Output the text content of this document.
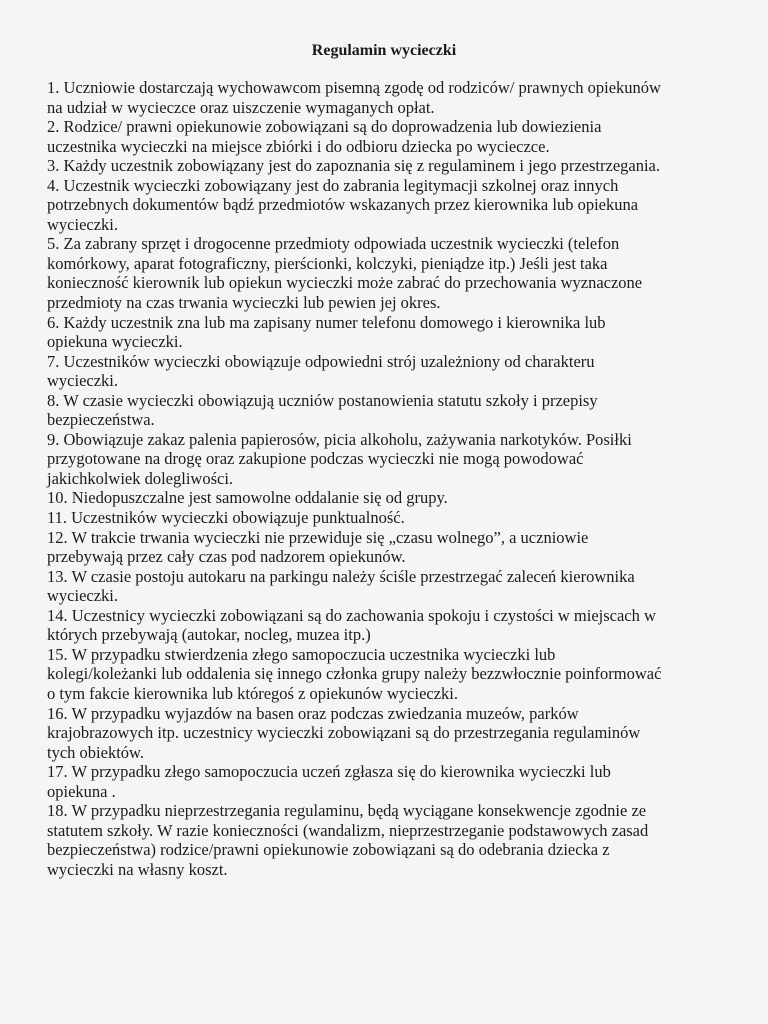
Regulamin wycieczki
1. Uczniowie dostarczają wychowawcom pisemną zgodę od rodziców/ prawnych opiekunów
na udział w wycieczce oraz uiszczenie wymaganych opłat.
2. Rodzice/ prawni opiekunowie zobowiązani są do doprowadzenia lub dowiezienia
uczestnika wycieczki na miejsce zbiórki i do odbioru dziecka po wycieczce.
3. Każdy uczestnik zobowiązany jest do zapoznania się z regulaminem i jego przestrzegania.
4. Uczestnik wycieczki zobowiązany jest do zabrania legitymacji szkolnej oraz innych
potrzebnych dokumentów bądź przedmiotów wskazanych przez kierownika lub opiekuna
wycieczki.
5. Za zabrany sprzęt i drogocenne przedmioty odpowiada uczestnik wycieczki (telefon
komórkowy, aparat fotograficzny, pierścionki, kolczyki, pieniądze itp.) Jeśli jest taka
konieczność kierownik lub opiekun wycieczki może zabrać do przechowania wyznaczone
przedmioty na czas trwania wycieczki lub pewien jej okres.
6. Każdy uczestnik zna lub ma zapisany numer telefonu domowego i kierownika lub
opiekuna wycieczki.
7. Uczestników wycieczki obowiązuje odpowiedni strój uzależniony od charakteru
wycieczki.
8. W czasie wycieczki obowiązują uczniów postanowienia statutu szkoły i przepisy
bezpieczeństwa.
9. Obowiązuje zakaz palenia papierosów, picia alkoholu, zażywania narkotyków. Posiłki
przygotowane na drogę oraz zakupione podczas wycieczki nie mogą powodować
jakichkolwiek dolegliwości.
10. Niedopuszczalne jest samowolne oddalanie się od grupy.
11. Uczestników wycieczki obowiązuje punktualność.
12. W trakcie trwania wycieczki nie przewiduje się „czasu wolnego”, a uczniowie
przebywają przez cały czas pod nadzorem opiekunów.
13. W czasie postoju autokaru na parkingu należy ściśle przestrzegać zaleceń kierownika
wycieczki.
14. Uczestnicy wycieczki zobowiązani są do zachowania spokoju i czystości w miejscach w
których przebywają (autokar, nocleg, muzea itp.)
15. W przypadku stwierdzenia złego samopoczucia uczestnika wycieczki lub
kolegi/koleżanki lub oddalenia się innego członka grupy należy bezzwłocznie poinformować
o tym fakcie kierownika lub któregoś z opiekunów wycieczki.
16. W przypadku wyjazdów na basen oraz podczas zwiedzania muzeów, parków
krajobrazowych itp. uczestnicy wycieczki zobowiązani są do przestrzegania regulaminów
tych obiektów.
17. W przypadku złego samopoczucia uczeń zgłasza się do kierownika wycieczki lub
opiekuna .
18. W przypadku nieprzestrzegania regulaminu, będą wyciągane konsekwencje zgodnie ze
statutem szkoły. W razie konieczności (wandalizm, nieprzestrzeganie podstawowych zasad
bezpieczeństwa) rodzice/prawni opiekunowie zobowiązani są do odebrania dziecka z
wycieczki na własny koszt.
